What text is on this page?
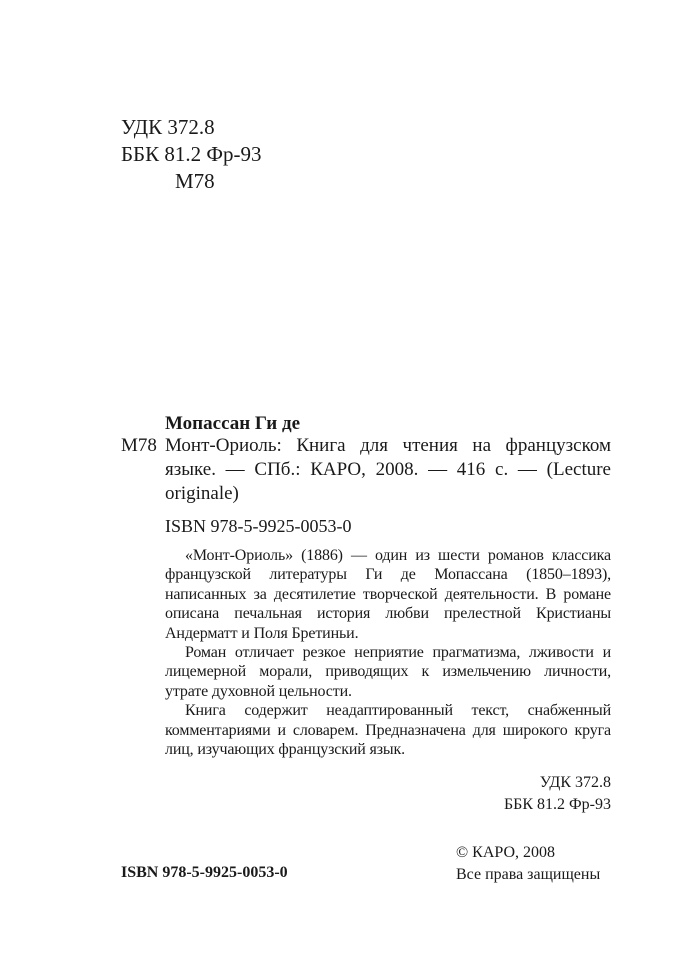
УДК 372.8
ББК 81.2 Фр-93
М78
Мопассан Ги де
М78 Монт-Ориоль: Книга для чтения на французском языке. — СПб.: КАРО, 2008. — 416 с. — (Lecture originale)
ISBN 978-5-9925-0053-0

«Монт-Ориоль» (1886) — один из шести романов классика французской литературы Ги де Мопассана (1850–1893), написанных за десятилетие творческой деятельности. В романе описана печальная история любви прелестной Кристианы Андерматт и Поля Бретиньи.

Роман отличает резкое неприятие прагматизма, лживости и лицемерной морали, приводящих к измельчению личности, утрате духовной цельности.

Книга содержит неадаптированный текст, снабженный комментариями и словарем. Предназначена для широкого круга лиц, изучающих французский язык.

УДК 372.8
ББК 81.2 Фр-93
ISBN 978-5-9925-0053-0
© КАРО, 2008
Все права защищены
